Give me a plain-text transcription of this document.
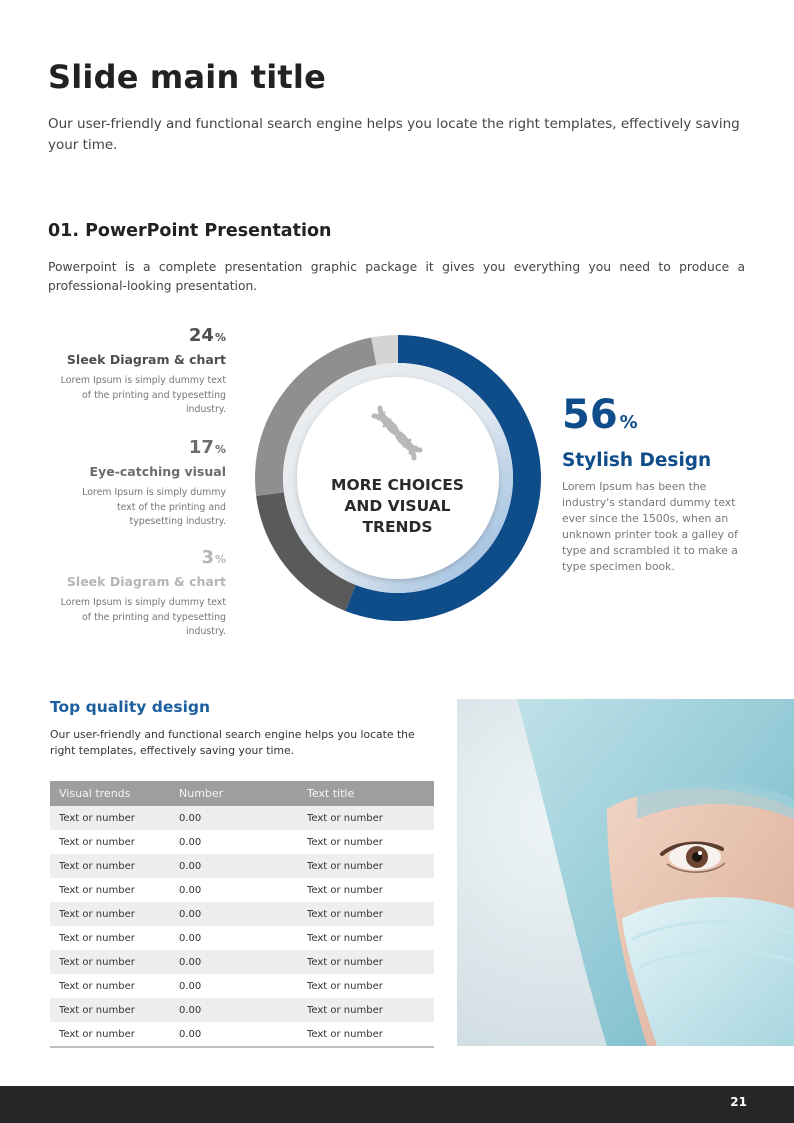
Slide main title

Our user-friendly and functional search engine helps you locate the right templates, effectively saving your time.

01. PowerPoint Presentation

Powerpoint is a complete presentation graphic package it gives you everything you need to produce a professional-looking presentation.

24%
Sleek Diagram & chart
Lorem Ipsum is simply dummy text of the printing and typesetting industry.
17%
Eye-catching visual
Lorem Ipsum is simply dummy text of the printing and typesetting industry.
3%
Sleek Diagram & chart
Lorem Ipsum is simply dummy text of the printing and typesetting industry.
MORE CHOICES
AND VISUAL
TRENDS
56 %
Stylish Design
Lorem Ipsum has been the industry's standard dummy text ever since the 1500s, when an unknown printer took a galley of type and scrambled it to make a type specimen book.
Top quality design

Our user-friendly and functional search engine helps you locate the right templates, effectively saving your time.

Visual trends	Number	Text title
Text or number	0.00	Text or number
Text or number	0.00	Text or number
Text or number	0.00	Text or number
Text or number	0.00	Text or number
Text or number	0.00	Text or number
Text or number	0.00	Text or number
Text or number	0.00	Text or number
Text or number	0.00	Text or number
Text or number	0.00	Text or number
Text or number	0.00	Text or number
21
